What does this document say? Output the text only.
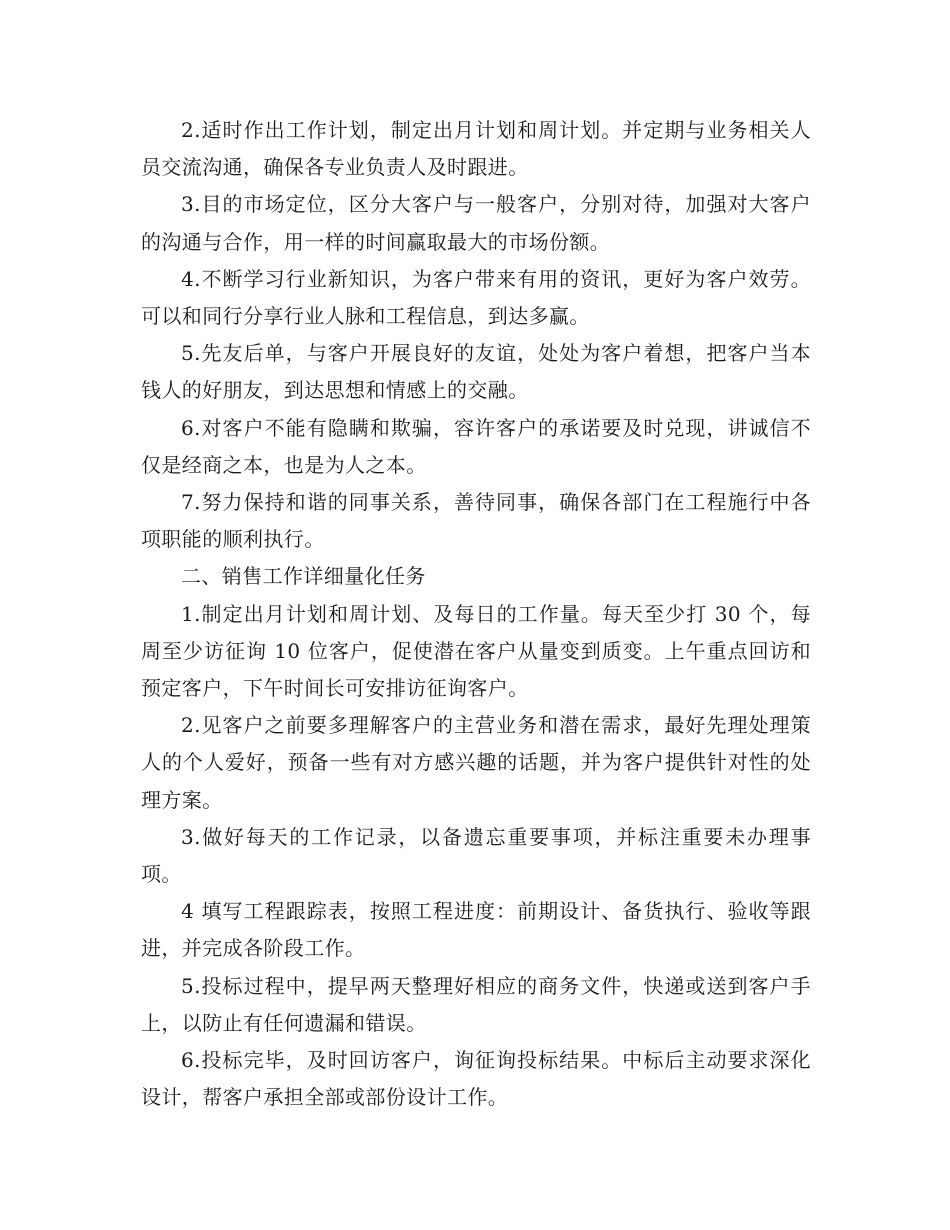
2.适时作出工作计划，制定出月计划和周计划。并定期与业务相关人员交流沟通，确保各专业负责人及时跟进。

3.目的市场定位，区分大客户与一般客户，分别对待，加强对大客户的沟通与合作，用一样的时间赢取最大的市场份额。

4.不断学习行业新知识，为客户带来有用的资讯，更好为客户效劳。可以和同行分享行业人脉和工程信息，到达多赢。

5.先友后单，与客户开展良好的友谊，处处为客户着想，把客户当本钱人的好朋友，到达思想和情感上的交融。

6.对客户不能有隐瞒和欺骗，容许客户的承诺要及时兑现，讲诚信不仅是经商之本，也是为人之本。

7.努力保持和谐的同事关系，善待同事，确保各部门在工程施行中各项职能的顺利执行。

二、销售工作详细量化任务

1.制定出月计划和周计划、及每日的工作量。每天至少打 30 个，每周至少访征询 10 位客户，促使潜在客户从量变到质变。上午重点回访和预定客户，下午时间长可安排访征询客户。

2.见客户之前要多理解客户的主营业务和潜在需求，最好先理处理策人的个人爱好，预备一些有对方感兴趣的话题，并为客户提供针对性的处理方案。

3.做好每天的工作记录，以备遗忘重要事项，并标注重要未办理事项。

4 填写工程跟踪表，按照工程进度：前期设计、备货执行、验收等跟进，并完成各阶段工作。

5.投标过程中，提早两天整理好相应的商务文件，快递或送到客户手上，以防止有任何遗漏和错误。

6.投标完毕，及时回访客户，询征询投标结果。中标后主动要求深化设计，帮客户承担全部或部份设计工作。
